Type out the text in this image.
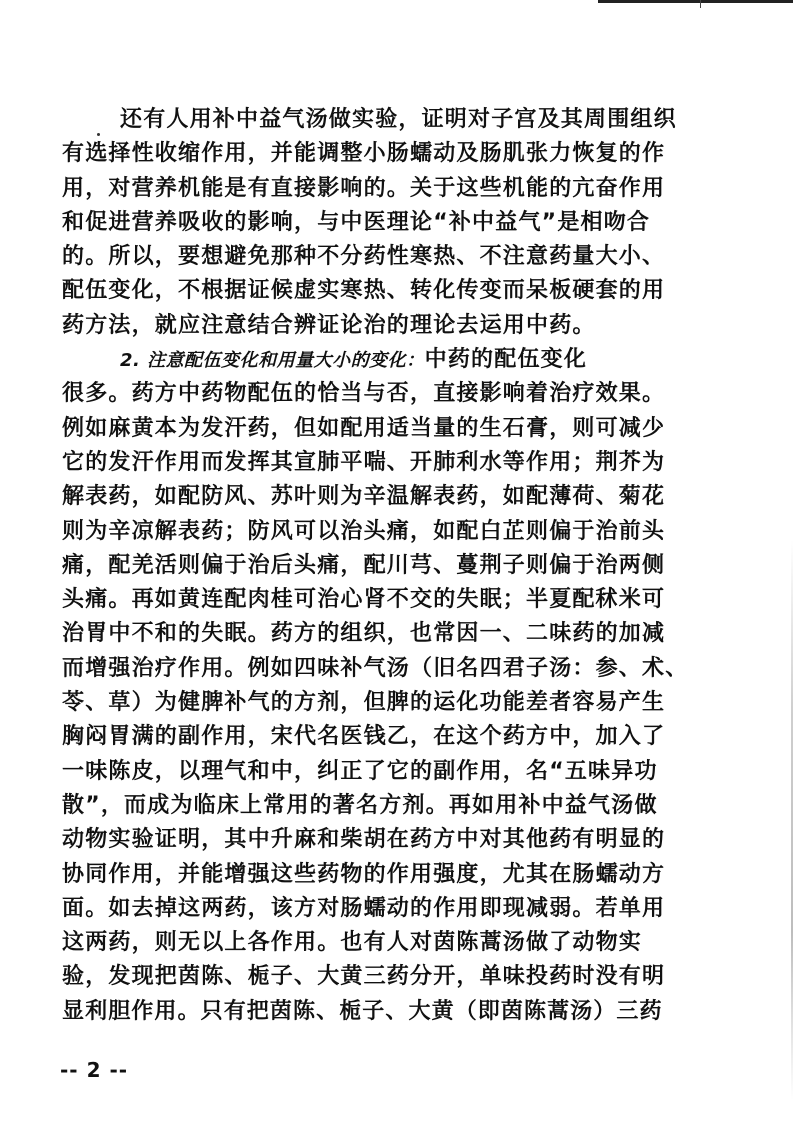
还有人用补中益气汤做实验，证明对子宫及其周围组织
有选择性收缩作用，并能调整小肠蠕动及肠肌张力恢复的作
用，对营养机能是有直接影响的。关于这些机能的亢奋作用
和促进营养吸收的影响，与中医理论“补中益气”是相吻合
的。所以，要想避免那种不分药性寒热、不注意药量大小、
配伍变化，不根据证候虚实寒热、转化传变而呆板硬套的用
药方法，就应注意结合辨证论治的理论去运用中药。
2. 注意配伍变化和用量大小的变化：中药的配伍变化
很多。药方中药物配伍的恰当与否，直接影响着治疗效果。
例如麻黄本为发汗药，但如配用适当量的生石膏，则可减少
它的发汗作用而发挥其宣肺平喘、开肺利水等作用；荆芥为
解表药，如配防风、苏叶则为辛温解表药，如配薄荷、菊花
则为辛凉解表药；防风可以治头痛，如配白芷则偏于治前头
痛，配羌活则偏于治后头痛，配川芎、蔓荆子则偏于治两侧
头痛。再如黄连配肉桂可治心肾不交的失眠；半夏配秫米可
治胃中不和的失眠。药方的组织，也常因一、二味药的加减
而增强治疗作用。例如四味补气汤（旧名四君子汤：参、术、
苓、草）为健脾补气的方剂，但脾的运化功能差者容易产生
胸闷胃满的副作用，宋代名医钱乙，在这个药方中，加入了
一味陈皮，以理气和中，纠正了它的副作用，名“五味异功
散”，而成为临床上常用的著名方剂。再如用补中益气汤做
动物实验证明，其中升麻和柴胡在药方中对其他药有明显的
协同作用，并能增强这些药物的作用强度，尤其在肠蠕动方
面。如去掉这两药，该方对肠蠕动的作用即现减弱。若单用
这两药，则无以上各作用。也有人对茵陈蒿汤做了动物实
验，发现把茵陈、栀子、大黄三药分开，单味投药时没有明
显利胆作用。只有把茵陈、栀子、大黄（即茵陈蒿汤）三药
-- 2 --
